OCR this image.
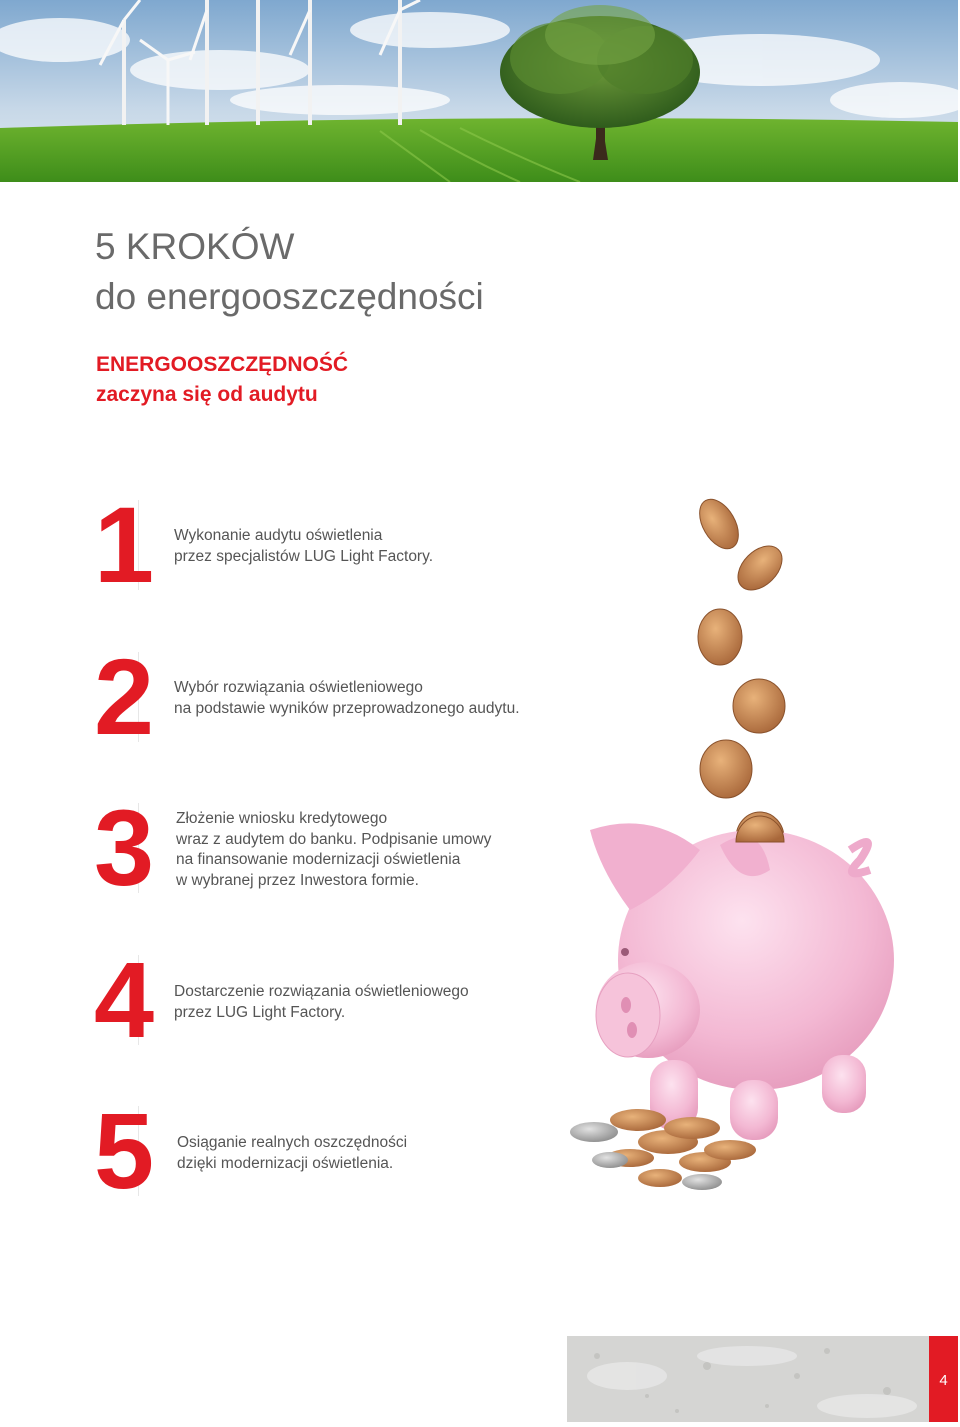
5 KROKÓW
do energooszczędności
ENERGOOSZCZĘDNOŚĆ
zaczyna się od audytu
1 Wykonanie audytu oświetlenia
przez specjalistów LUG Light Factory.
2 Wybór rozwiązania oświetleniowego
na podstawie wyników przeprowadzonego audytu.
3 Złożenie wniosku kredytowego
wraz z audytem do banku. Podpisanie umowy
na finansowanie modernizacji oświetlenia
w wybranej przez Inwestora formie.
4 Dostarczenie rozwiązania oświetleniowego
przez LUG Light Factory.
5 Osiąganie realnych oszczędności
dzięki modernizacji oświetlenia.
4
